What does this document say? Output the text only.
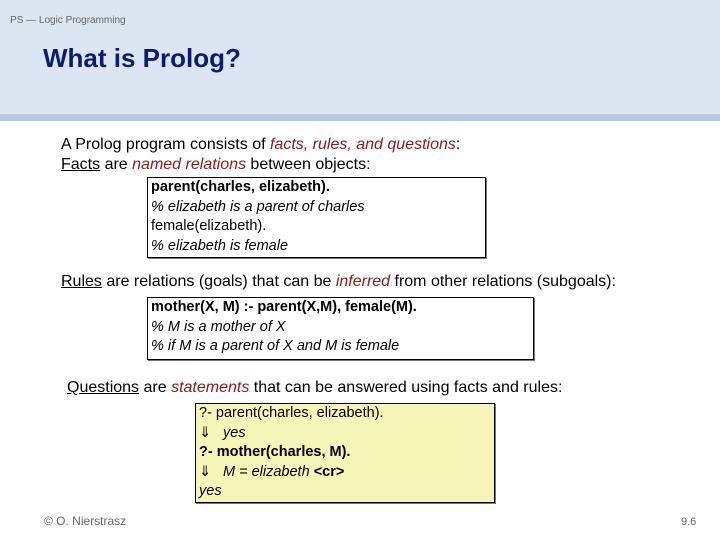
PS — Logic Programming
What is Prolog?
A Prolog program consists of facts, rules, and questions:
Facts are named relations between objects:
parent(charles, elizabeth).
% elizabeth is a parent of charles
female(elizabeth).
% elizabeth is female
Rules are relations (goals) that can be inferred from other relations (subgoals):
mother(X, M) :- parent(X,M), female(M).
% M is a mother of X
% if M is a parent of X and M is female
Questions are statements that can be answered using facts and rules:
?- parent(charles, elizabeth).
⇓ yes
?- mother(charles, M).
⇓ M = elizabeth <cr>
yes
© O. Nierstrasz	9.6
